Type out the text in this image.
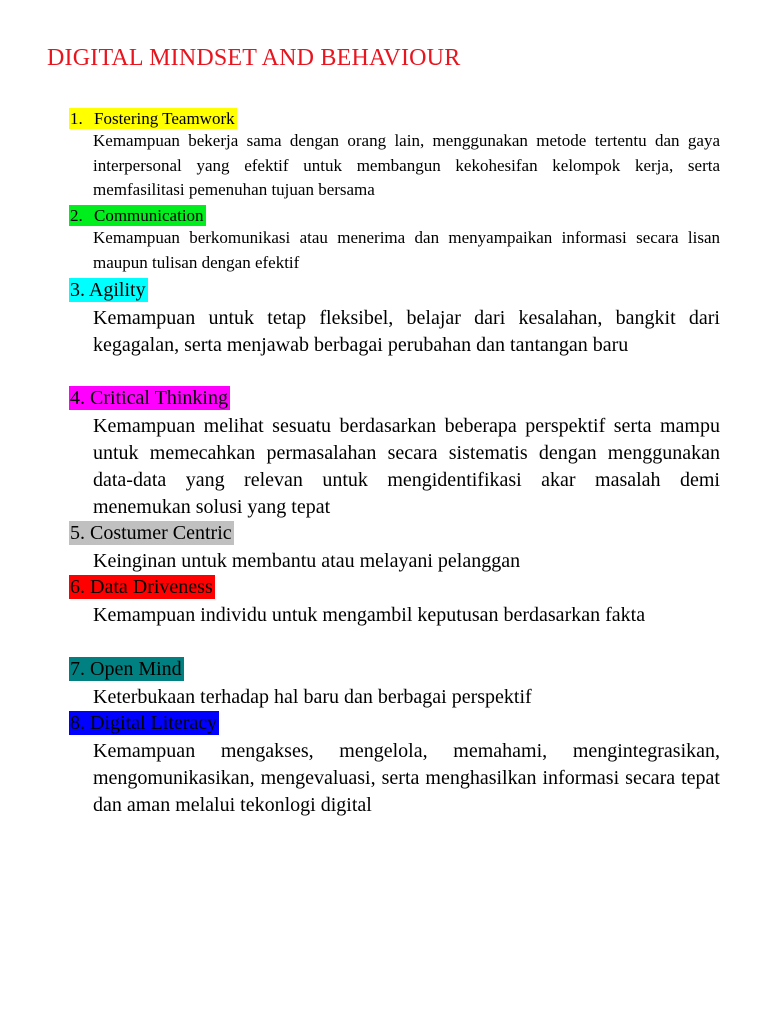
DIGITAL MINDSET AND BEHAVIOUR
1. Fostering Teamwork

Kemampuan bekerja sama dengan orang lain, menggunakan metode tertentu dan gaya interpersonal yang efektif untuk membangun kekohesifan kelompok kerja, serta memfasilitasi pemenuhan tujuan bersama

2. Communication

Kemampuan berkomunikasi atau menerima dan menyampaikan informasi secara lisan maupun tulisan dengan efektif

3. Agility

Kemampuan untuk tetap fleksibel, belajar dari kesalahan, bangkit dari kegagalan, serta menjawab berbagai perubahan dan tantangan baru

4. Critical Thinking

Kemampuan melihat sesuatu berdasarkan beberapa perspektif serta mampu untuk memecahkan permasalahan secara sistematis dengan menggunakan data-data yang relevan untuk mengidentifikasi akar masalah demi menemukan solusi yang tepat

5. Costumer Centric

Keinginan untuk membantu atau melayani pelanggan

6. Data Driveness

Kemampuan individu untuk mengambil keputusan berdasarkan fakta

7. Open Mind

Keterbukaan terhadap hal baru dan berbagai perspektif

8. Digital Literacy

Kemampuan mengakses, mengelola, memahami, mengintegrasikan, mengomunikasikan, mengevaluasi, serta menghasilkan informasi secara tepat dan aman melalui tekonlogi digital
